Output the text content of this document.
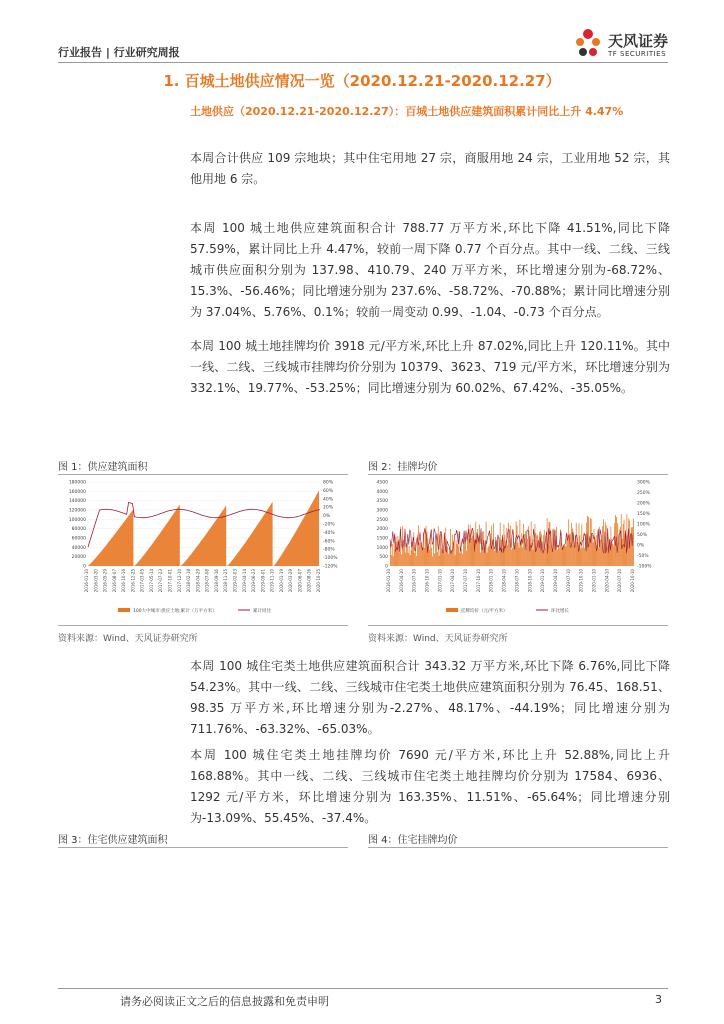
行业报告 | 行业研究周报
天风证券
TF SECURITIES
1. 百城土地供应情况一览（2020.12.21-2020.12.27）
土地供应（2020.12.21-2020.12.27）：百城土地供应建筑面积累计同比上升 4.47%
本周合计供应 109 宗地块；其中住宅用地 27 宗，商服用地 24 宗，工业用地 52 宗，其他用地 6 宗。
本周 100 城土地供应建筑面积合计 788.77 万平方米,环比下降 41.51%,同比下降 57.59%，累计同比上升 4.47%，较前一周下降 0.77 个百分点。其中一线、二线、三线城市供应面积分别为 137.98、410.79、240 万平方米，环比增速分别为-68.72%、15.3%、-56.46%；同比增速分别为 237.6%、-58.72%、-70.88%；累计同比增速分别为 37.04%、5.76%、0.1%；较前一周变动 0.99、-1.04、-0.73 个百分点。
本周 100 城土地挂牌均价 3918 元/平方米,环比上升 87.02%,同比上升 120.11%。其中一线、二线、三线城市挂牌均价分别为 10379、3623、719 元/平方米，环比增速分别为 332.1%、19.77%、-53.25%；同比增速分别为 60.02%、67.42%、-35.05%。
图 1：供应建筑面积
180000
160000
140000
120000
100000
80000
60000
40000
20000
0
80%
60%
40%
20%
0%
-20%
-40%
-60%
-80%
-100%
-120%
2016-01-10 2016-03-20 2016-05-29 2016-08-07 2016-10-16 2016-12-25 2017-03-05 2017-05-14 2017-07-23 2017-10-01 2017-12-10 2018-02-18 2018-04-29 2018-07-08 2018-09-16 2018-11-25 2019-02-03 2019-04-14 2019-06-23 2019-09-01 2019-11-10 2020-01-19 2020-03-29 2020-06-07 2020-08-16 2020-10-25
100大中城市:供应土地:累计（万平方米）	累计同比
资料来源：Wind、天风证券研究所
图 2：挂牌均价
4500
4000
3500
3000
2500
2000
1500
1000
500
0
300%
250%
200%
150%
100%
50%
0%
-50%
-100%
2016-01-10 2016-04-10 2016-07-10 2016-10-10 2017-01-10 2017-04-10 2017-07-10 2017-10-10 2018-01-10 2018-04-10 2018-07-10 2018-10-10 2019-01-10 2019-04-10 2019-07-10 2019-10-10 2020-01-10 2020-04-10 2020-07-10 2020-10-10
挂牌均价（元/平方米）	环比增长
资料来源：Wind、天风证券研究所
本周 100 城住宅类土地供应建筑面积合计 343.32 万平方米,环比下降 6.76%,同比下降 54.23%。其中一线、二线、三线城市住宅类土地供应建筑面积分别为 76.45、168.51、98.35 万平方米,环比增速分别为-2.27%、48.17%、-44.19%；同比增速分别为 711.76%、-63.32%、-65.03%。
本周 100 城住宅类土地挂牌均价 7690 元/平方米,环比上升 52.88%,同比上升 168.88%。其中一线、二线、三线城市住宅类土地挂牌均价分别为 17584、6936、1292 元/平方米，环比增速分别为 163.35%、11.51%、-65.64%；同比增速分别为-13.09%、55.45%、-37.4%。
图 3：住宅供应建筑面积	图 4：住宅挂牌均价
请务必阅读正文之后的信息披露和免责申明	3
